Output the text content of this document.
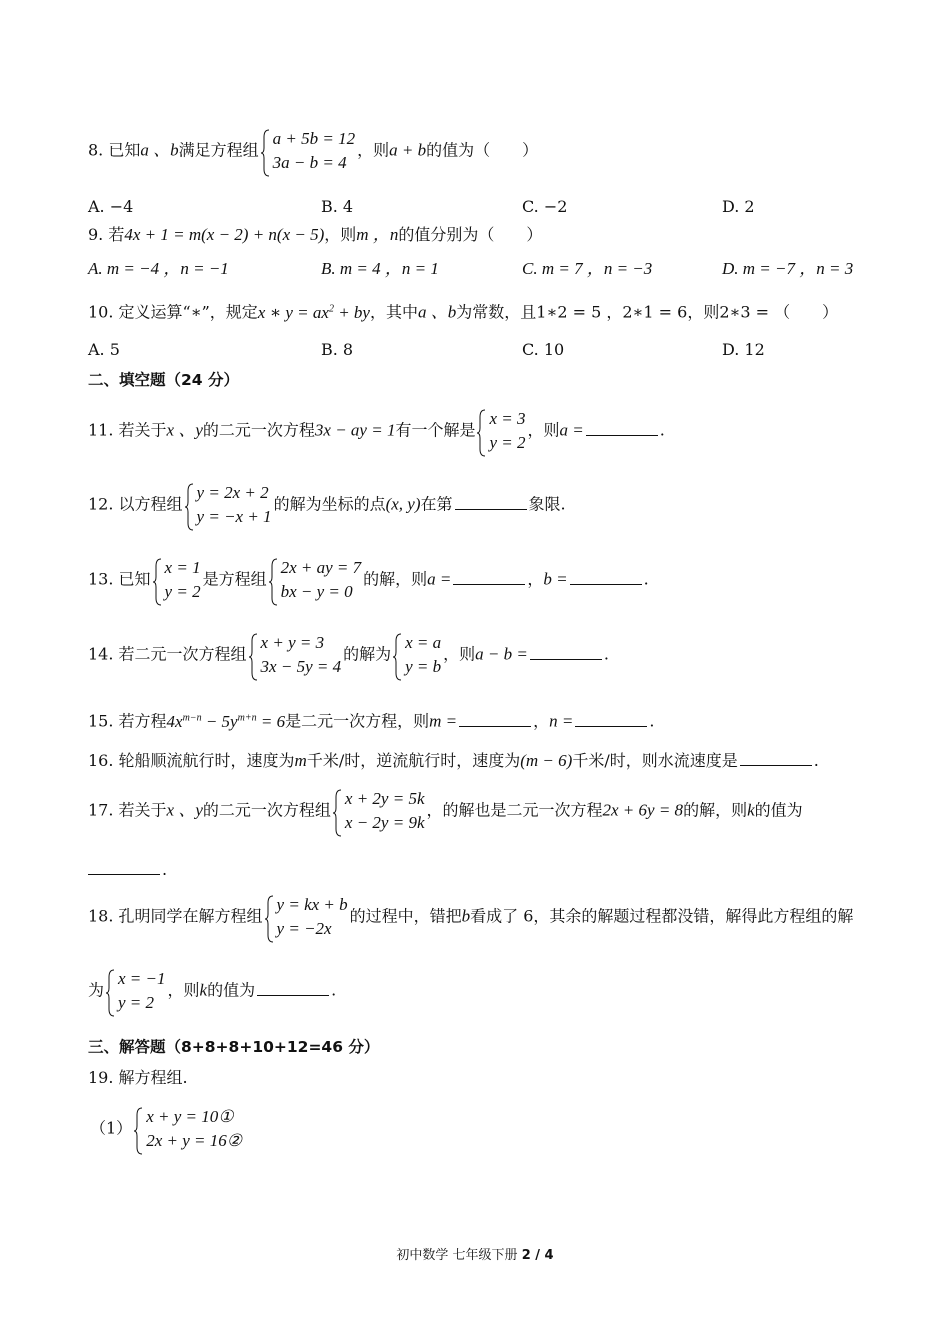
8. 已知a 、b满足方程组
a + 5b = 12
3a − b = 4
，则a + b的值为（　　）
A. −4	B. 4	C. −2	D. 2
9. 若4x + 1 = m(x − 2) + n(x − 5)，则m ，n的值分别为（　　）
A. m = −4 ，n = −1	B. m = 4 ，n = 1	C. m = 7 ，n = −3	D. m = −7 ，n = 3
10. 定义运算“∗”，规定x ∗ $y = ax^2$ + by，其中a 、b为常数，且1∗2 = 5 ，2∗1 = 6，则2∗3 = （　　）
A. 5	B. 8	C. 10	D. 12
二、填空题（24 分）
11. 若关于x 、y的二元一次方程3x − ay = 1有一个解是
x = 3
y = 2
，则a =	.
12. 以方程组
y = 2x + 2
y = −x + 1
的解为坐标的点(x, y)在第	象限.
13. 已知
x = 1
y = 2
是方程组
2x + ay = 7
bx − y = 0
的解，则a =	，b =	.
14. 若二元一次方程组
x + y = 3
3x − 5y = 4
的解为
x = a
y = b
，则a − b =	.
15. 若方程$4x^{m-n} - 5y^{m+n} = 6$是二元一次方程，则m =	，n =	.
16. 轮船顺流航行时，速度为m千米/时，逆流航行时，速度为(m − 6)千米/时，则水流速度是	.
17. 若关于x 、y的二元一次方程组
x + 2y = 5k
x − 2y = 9k
，的解也是二元一次方程2x + 6y = 8的解，则k的值为
.
18. 孔明同学在解方程组
y = kx + b
y = −2x
的过程中，错把b看成了 6，其余的解题过程都没错，解得此方程组的解
为
x = −1
y = 2
，则k的值为	.
三、解答题（8+8+8+10+12=46 分）
19. 解方程组.
（1）
x + y = 10①
2x + y = 16②
初中数学 七年级下册 2 / 4
